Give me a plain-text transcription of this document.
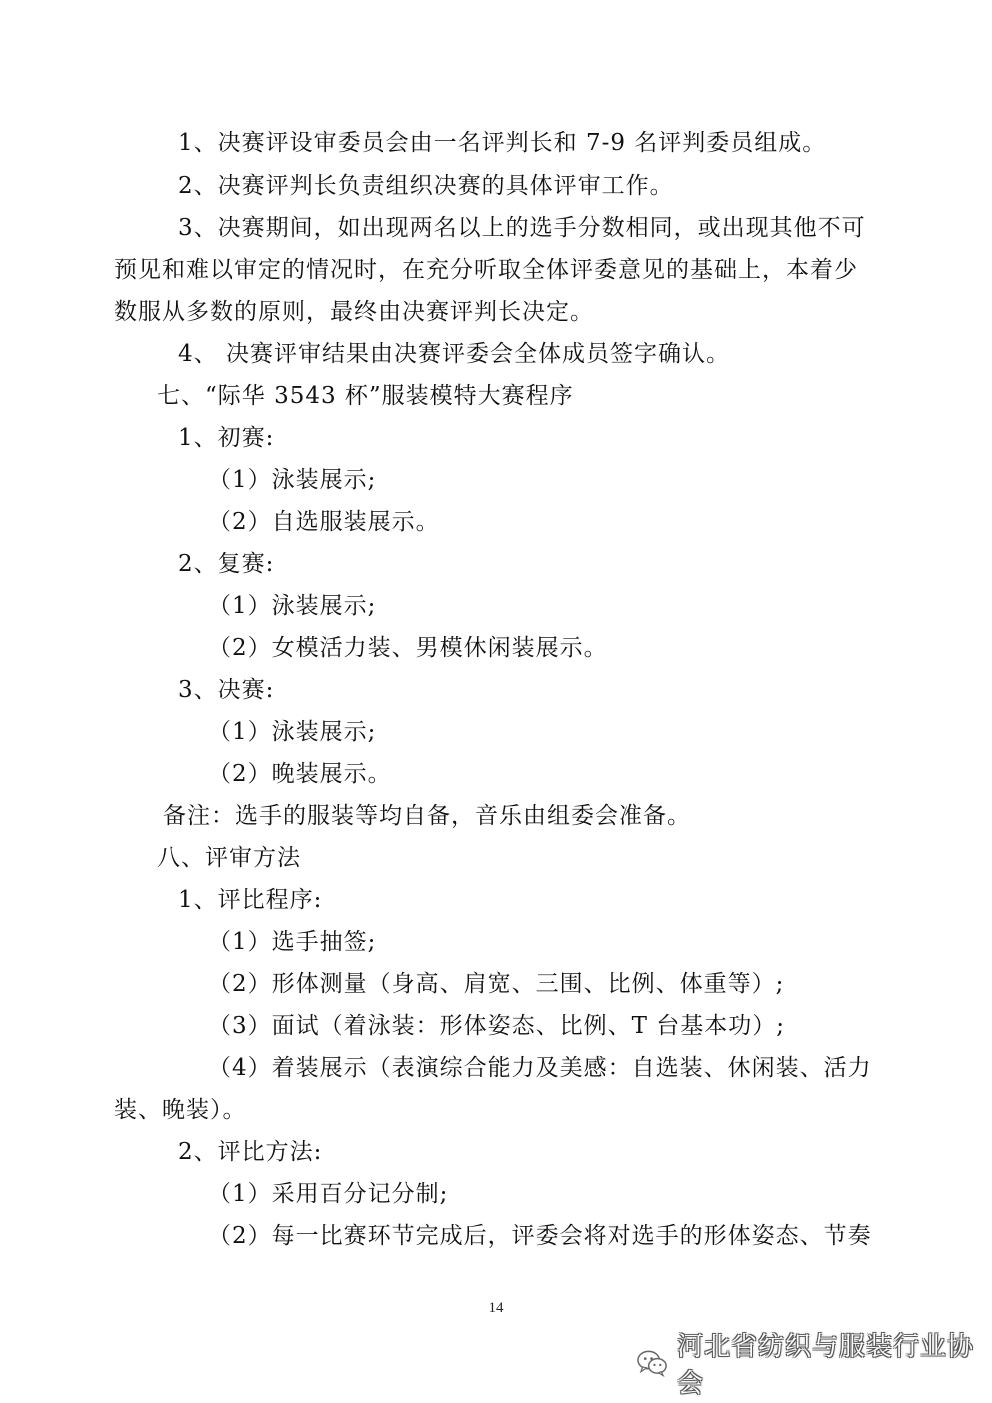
1、决赛评设审委员会由一名评判长和 7-9 名评判委员组成。
2、决赛评判长负责组织决赛的具体评审工作。
3、决赛期间，如出现两名以上的选手分数相同，或出现其他不可
预见和难以审定的情况时，在充分听取全体评委意见的基础上，本着少
数服从多数的原则，最终由决赛评判长决定。
4、 决赛评审结果由决赛评委会全体成员签字确认。
七、“际华 3543 杯”服装模特大赛程序
1、初赛:
（1）泳装展示;
（2）自选服装展示。
2、复赛:
（1）泳装展示;
（2）女模活力装、男模休闲装展示。
3、决赛:
（1）泳装展示;
（2）晚装展示。
备注：选手的服装等均自备，音乐由组委会准备。
八、评审方法
1、评比程序:
（1）选手抽签;
（2）形体测量（身高、肩宽、三围、比例、体重等）;
（3）面试（着泳装：形体姿态、比例、T 台基本功）;
（4）着装展示（表演综合能力及美感：自选装、休闲装、活力
装、晚装）。
2、评比方法:
（1）采用百分记分制;
（2）每一比赛环节完成后，评委会将对选手的形体姿态、节奏
14
河北省纺织与服装行业协会
